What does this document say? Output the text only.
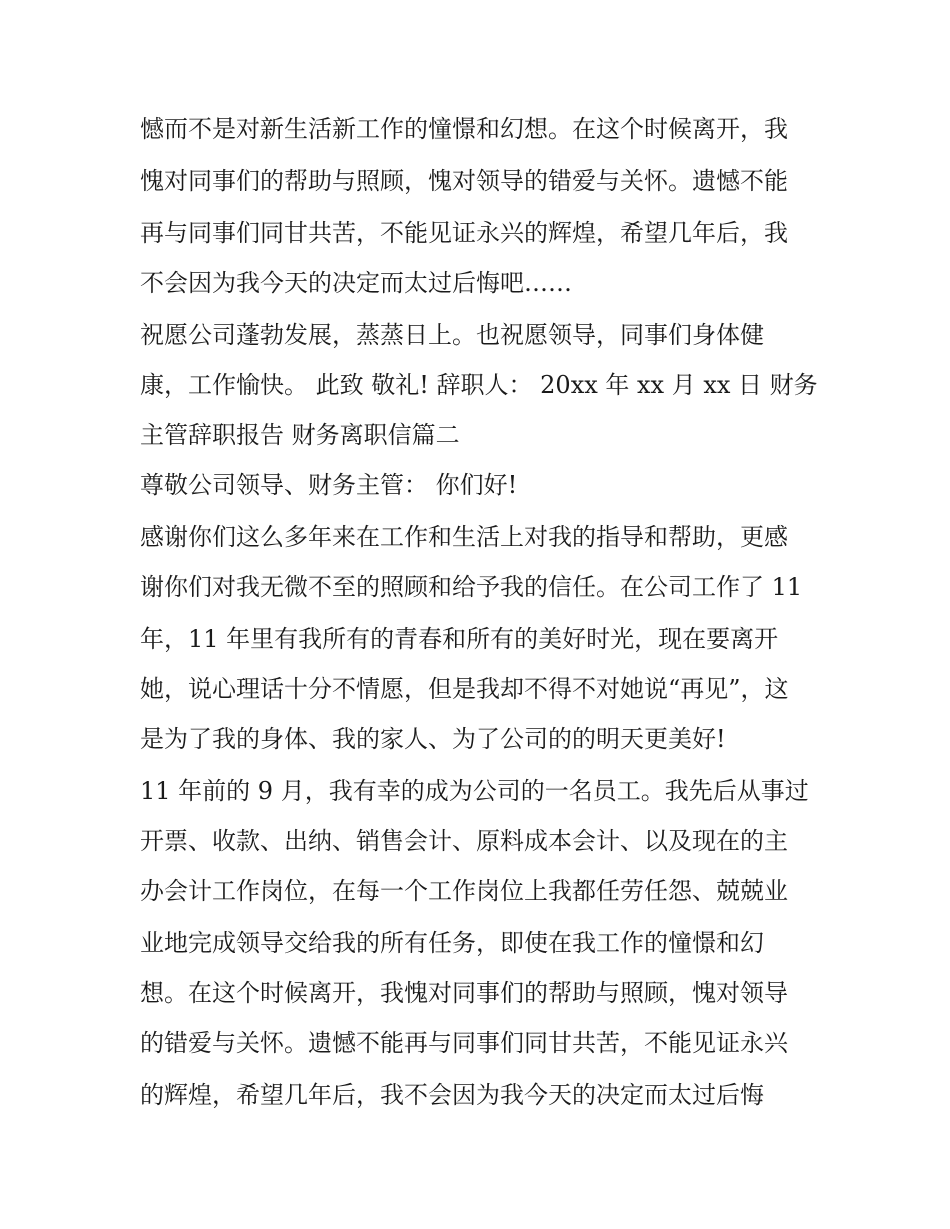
憾而不是对新生活新工作的憧憬和幻想。在这个时候离开，我
愧对同事们的帮助与照顾，愧对领导的错爱与关怀。遗憾不能
再与同事们同甘共苦，不能见证永兴的辉煌，希望几年后，我
不会因为我今天的决定而太过后悔吧……
祝愿公司蓬勃发展，蒸蒸日上。也祝愿领导，同事们身体健
康，工作愉快。 此致 敬礼! 辞职人： 20xx 年 xx 月 xx 日 财务
主管辞职报告 财务离职信篇二
尊敬公司领导、财务主管： 你们好!
感谢你们这么多年来在工作和生活上对我的指导和帮助，更感
谢你们对我无微不至的照顾和给予我的信任。在公司工作了 11
年，11 年里有我所有的青春和所有的美好时光，现在要离开
她，说心理话十分不情愿，但是我却不得不对她说“再见”，这
是为了我的身体、我的家人、为了公司的的明天更美好!
11 年前的 9 月，我有幸的成为公司的一名员工。我先后从事过
开票、收款、出纳、销售会计、原料成本会计、以及现在的主
办会计工作岗位，在每一个工作岗位上我都任劳任怨、兢兢业
业地完成领导交给我的所有任务，即使在我工作的憧憬和幻
想。在这个时候离开，我愧对同事们的帮助与照顾，愧对领导
的错爱与关怀。遗憾不能再与同事们同甘共苦，不能见证永兴
的辉煌，希望几年后，我不会因为我今天的决定而太过后悔
